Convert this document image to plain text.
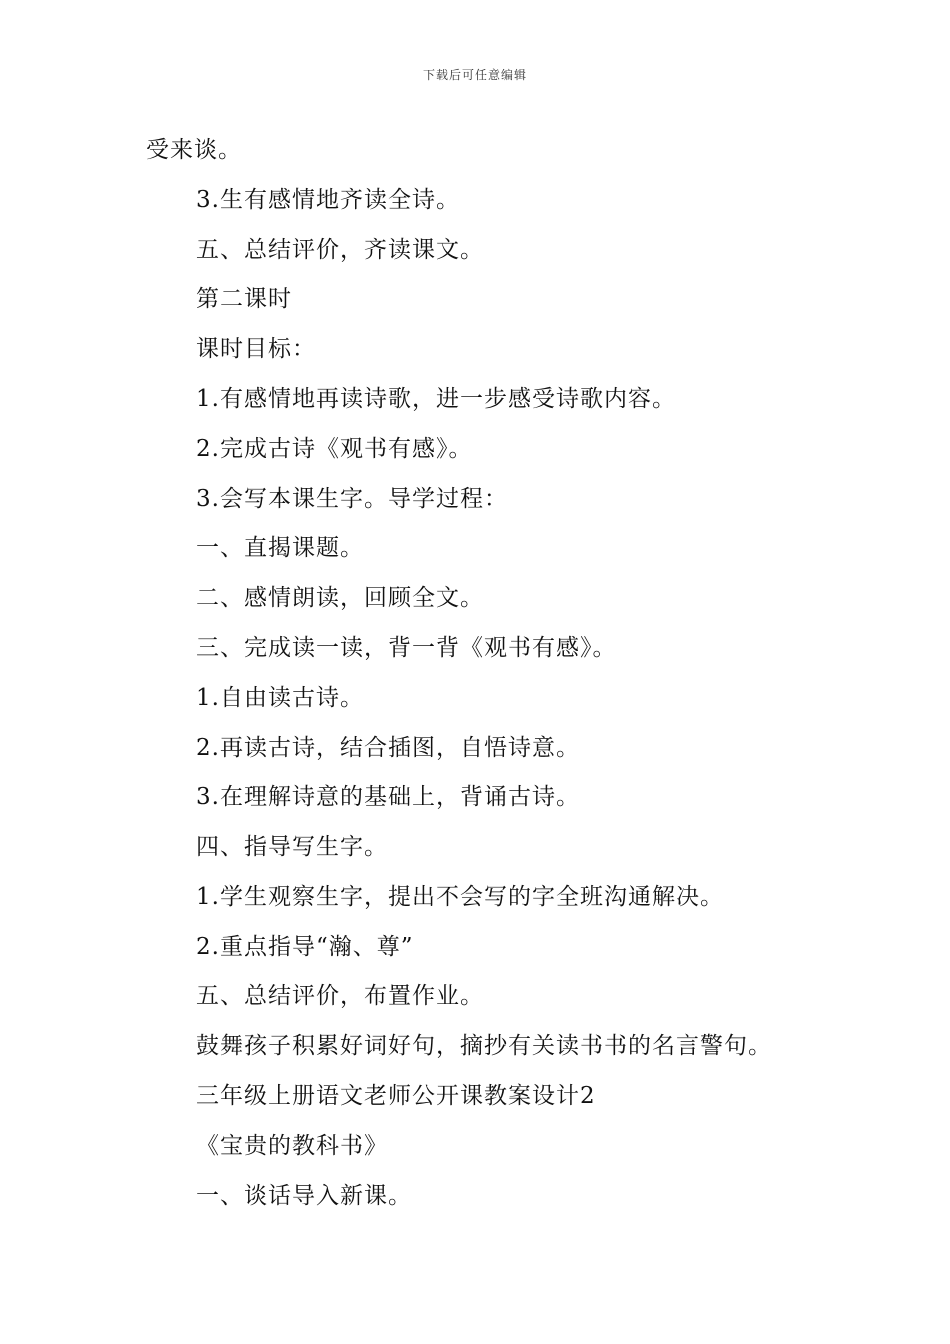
下载后可任意编辑
受来谈。
3.生有感情地齐读全诗。
五、总结评价，齐读课文。
第二课时
课时目标：
1.有感情地再读诗歌，进一步感受诗歌内容。
2.完成古诗《观书有感》。
3.会写本课生字。导学过程：
一、直揭课题。
二、感情朗读，回顾全文。
三、完成读一读，背一背《观书有感》。
1.自由读古诗。
2.再读古诗，结合插图，自悟诗意。
3.在理解诗意的基础上，背诵古诗。
四、指导写生字。
1.学生观察生字，提出不会写的字全班沟通解决。
2.重点指导“瀚、尊”
五、总结评价，布置作业。
鼓舞孩子积累好词好句，摘抄有关读书书的名言警句。
三年级上册语文老师公开课教案设计2
《宝贵的教科书》
一、谈话导入新课。
